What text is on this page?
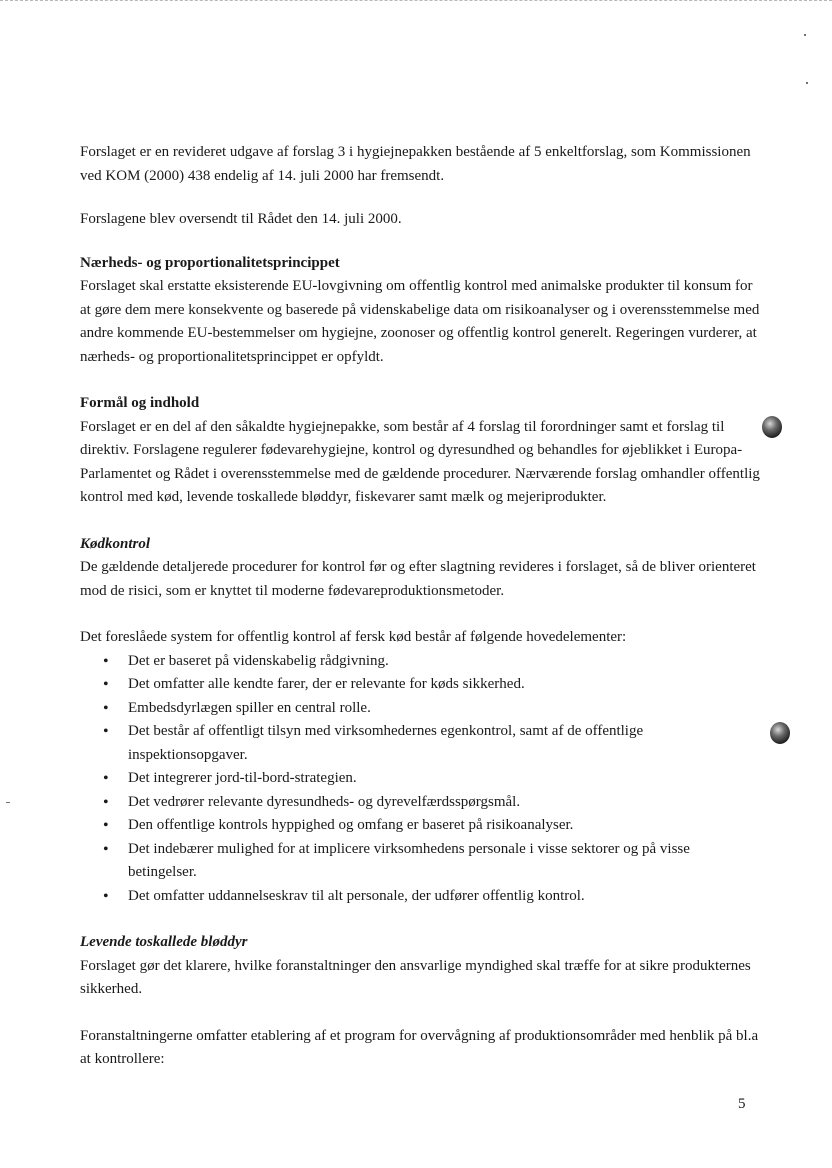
Forslaget er en revideret udgave af forslag 3 i hygiejnepakken bestående af 5 enkeltforslag, som Kommissionen ved KOM (2000) 438 endelig af 14. juli 2000 har fremsendt.

Forslagene blev oversendt til Rådet den 14. juli 2000.

Nærheds- og proportionalitetsprincippet

Forslaget skal erstatte eksisterende EU-lovgivning om offentlig kontrol med animalske produkter til konsum for at gøre dem mere konsekvente og baserede på videnskabelige data om risikoanalyser og i overensstemmelse med andre kommende EU-bestemmelser om hygiejne, zoonoser og offentlig kontrol generelt. Regeringen vurderer, at nærheds- og proportionalitetsprincippet er opfyldt.

Formål og indhold

Forslaget er en del af den såkaldte hygiejnepakke, som består af 4 forslag til forordninger samt et forslag til direktiv. Forslagene regulerer fødevarehygiejne, kontrol og dyresundhed og behandles for øjeblikket i Europa-Parlamentet og Rådet i overensstemmelse med de gældende procedurer. Nærværende forslag omhandler offentlig kontrol med kød, levende toskallede bløddyr, fiskevarer samt mælk og mejeriprodukter.

Kødkontrol

De gældende detaljerede procedurer for kontrol før og efter slagtning revideres i forslaget, så de bliver orienteret mod de risici, som er knyttet til moderne fødevareproduktionsmetoder.

Det foreslåede system for offentlig kontrol af fersk kød består af følgende hovedelementer:

• Det er baseret på videnskabelig rådgivning.
• Det omfatter alle kendte farer, der er relevante for køds sikkerhed.
• Embedsdyrlægen spiller en central rolle.
• Det består af offentligt tilsyn med virksomhedernes egenkontrol, samt af de offentlige inspektionsopgaver.
• Det integrerer jord-til-bord-strategien.
• Det vedrører relevante dyresundheds- og dyrevelfærdsspørgsmål.
• Den offentlige kontrols hyppighed og omfang er baseret på risikoanalyser.
• Det indebærer mulighed for at implicere virksomhedens personale i visse sektorer og på visse betingelser.
• Det omfatter uddannelseskrav til alt personale, der udfører offentlig kontrol.

Levende toskallede bløddyr

Forslaget gør det klarere, hvilke foranstaltninger den ansvarlige myndighed skal træffe for at sikre produkternes sikkerhed.

Foranstaltningerne omfatter etablering af et program for overvågning af produktionsområder med henblik på bl.a at kontrollere:

5
